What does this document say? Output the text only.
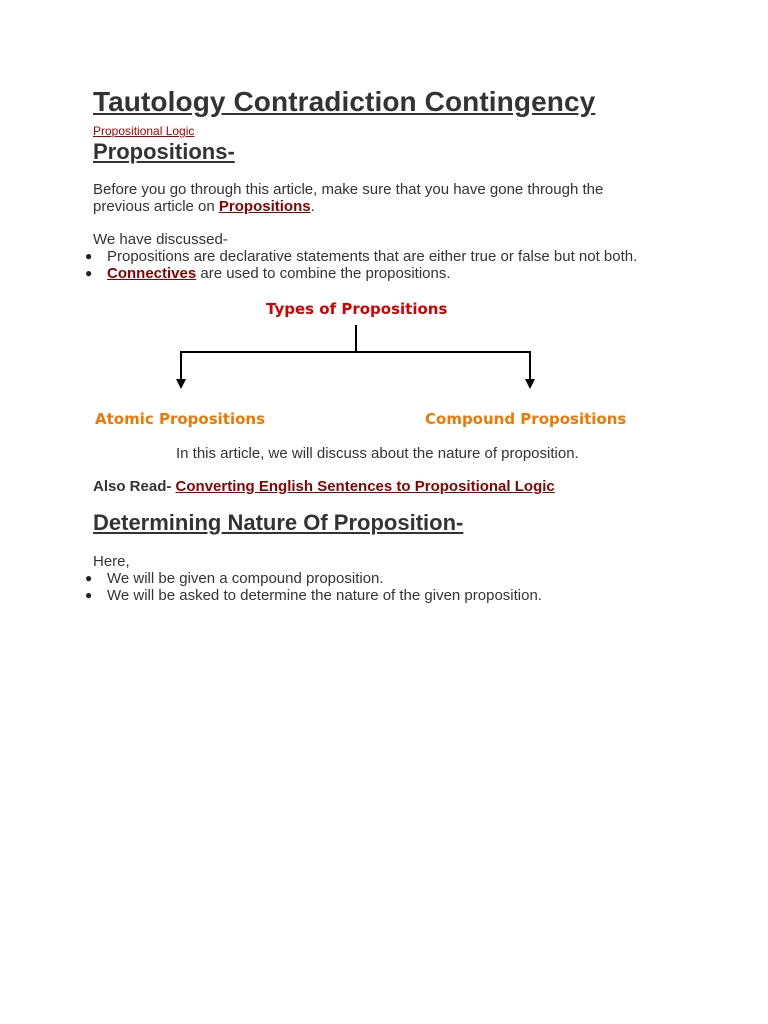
Tautology Contradiction Contingency
Propositional Logic
Propositions-
Before you go through this article, make sure that you have gone through the
previous article on Propositions.
We have discussed-
● Propositions are declarative statements that are either true or false but not both.
● Connectives are used to combine the propositions.
Types of Propositions
Atomic Propositions	Compound Propositions
In this article, we will discuss about the nature of proposition.
Also Read- Converting English Sentences to Propositional Logic
Determining Nature Of Proposition-
Here,
● We will be given a compound proposition.
● We will be asked to determine the nature of the given proposition.
